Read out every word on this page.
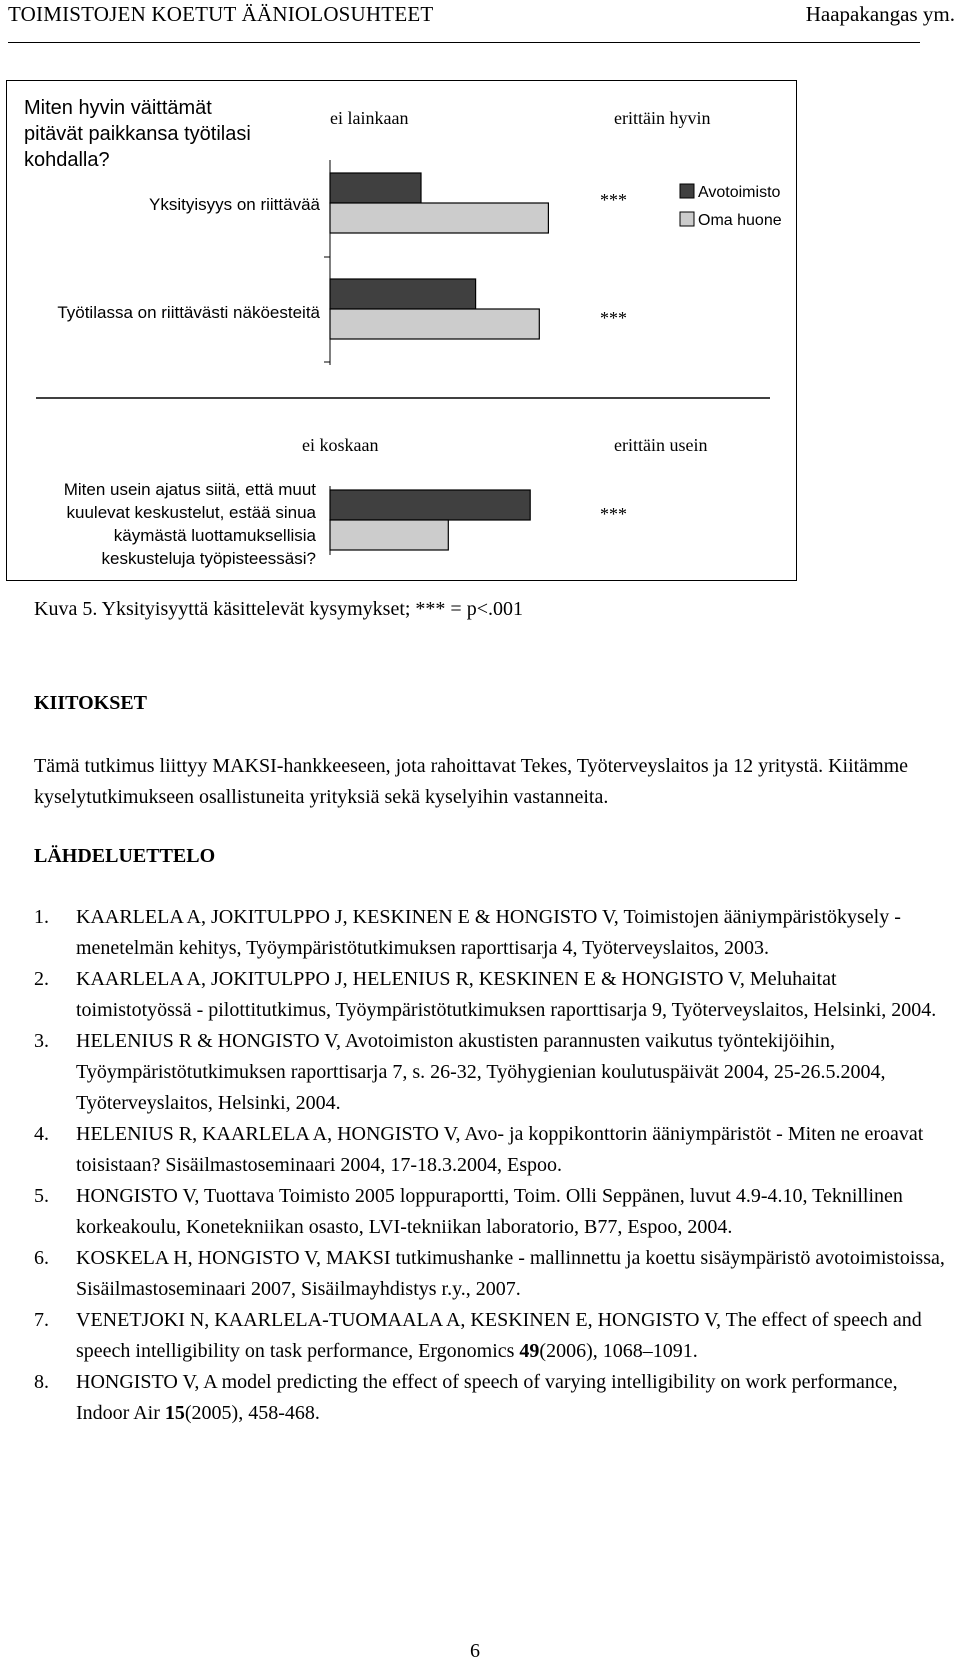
TOIMISTOJEN KOETUT ÄÄNIOLOSUHTEET	Haapakangas ym.
Miten hyvin väittämät
pitävät paikkansa työtilasi
kohdalla?
ei lainkaan	erittäin hyvin
Yksityisyys on riittävää
Työtilassa on riittävästi näköesteitä
***
***
Avotoimisto
Oma huone
ei koskaan	erittäin usein
Miten usein ajatus siitä, että muut
kuulevat keskustelut, estää sinua
käymästä luottamuksellisia
keskusteluja työpisteessäsi?
***
Kuva 5. Yksityisyyttä käsittelevät kysymykset; *** = p<.001
KIITOKSET
Tämä tutkimus liittyy MAKSI-hankkeeseen, jota rahoittavat Tekes, Työterveyslaitos ja 12 yritystä. Kiitämme kyselytutkimukseen osallistuneita yrityksiä sekä kyselyihin vastanneita.
LÄHDELUETTELO
1.	KAARLELA A, JOKITULPPO J, KESKINEN E & HONGISTO V, Toimistojen ääniympäristökysely - menetelmän kehitys, Työympäristötutkimuksen raporttisarja 4, Työterveyslaitos, 2003.
2.	KAARLELA A, JOKITULPPO J, HELENIUS R, KESKINEN E & HONGISTO V, Meluhaitat toimistotyössä - pilottitutkimus, Työympäristötutkimuksen raporttisarja 9, Työterveyslaitos, Helsinki, 2004.
3.	HELENIUS R & HONGISTO V, Avotoimiston akustisten parannusten vaikutus työntekijöihin, Työympäristötutkimuksen raporttisarja 7, s. 26-32, Työhygienian koulutuspäivät 2004, 25-26.5.2004, Työterveyslaitos, Helsinki, 2004.
4.	HELENIUS R, KAARLELA A, HONGISTO V, Avo- ja koppikonttorin ääniympäristöt - Miten ne eroavat toisistaan? Sisäilmastoseminaari 2004, 17-18.3.2004, Espoo.
5.	HONGISTO V, Tuottava Toimisto 2005 loppuraportti, Toim. Olli Seppänen, luvut 4.9-4.10, Teknillinen korkeakoulu, Konetekniikan osasto, LVI-tekniikan laboratorio, B77, Espoo, 2004.
6.	KOSKELA H, HONGISTO V, MAKSI tutkimushanke - mallinnettu ja koettu sisäympäristö avotoimistoissa, Sisäilmastoseminaari 2007, Sisäilmayhdistys r.y., 2007.
7.	VENETJOKI N, KAARLELA-TUOMAALA A, KESKINEN E, HONGISTO V, The effect of speech and speech intelligibility on task performance, Ergonomics 49(2006), 1068–1091.
8.	HONGISTO V, A model predicting the effect of speech of varying intelligibility on work performance, Indoor Air 15(2005), 458-468.
6
